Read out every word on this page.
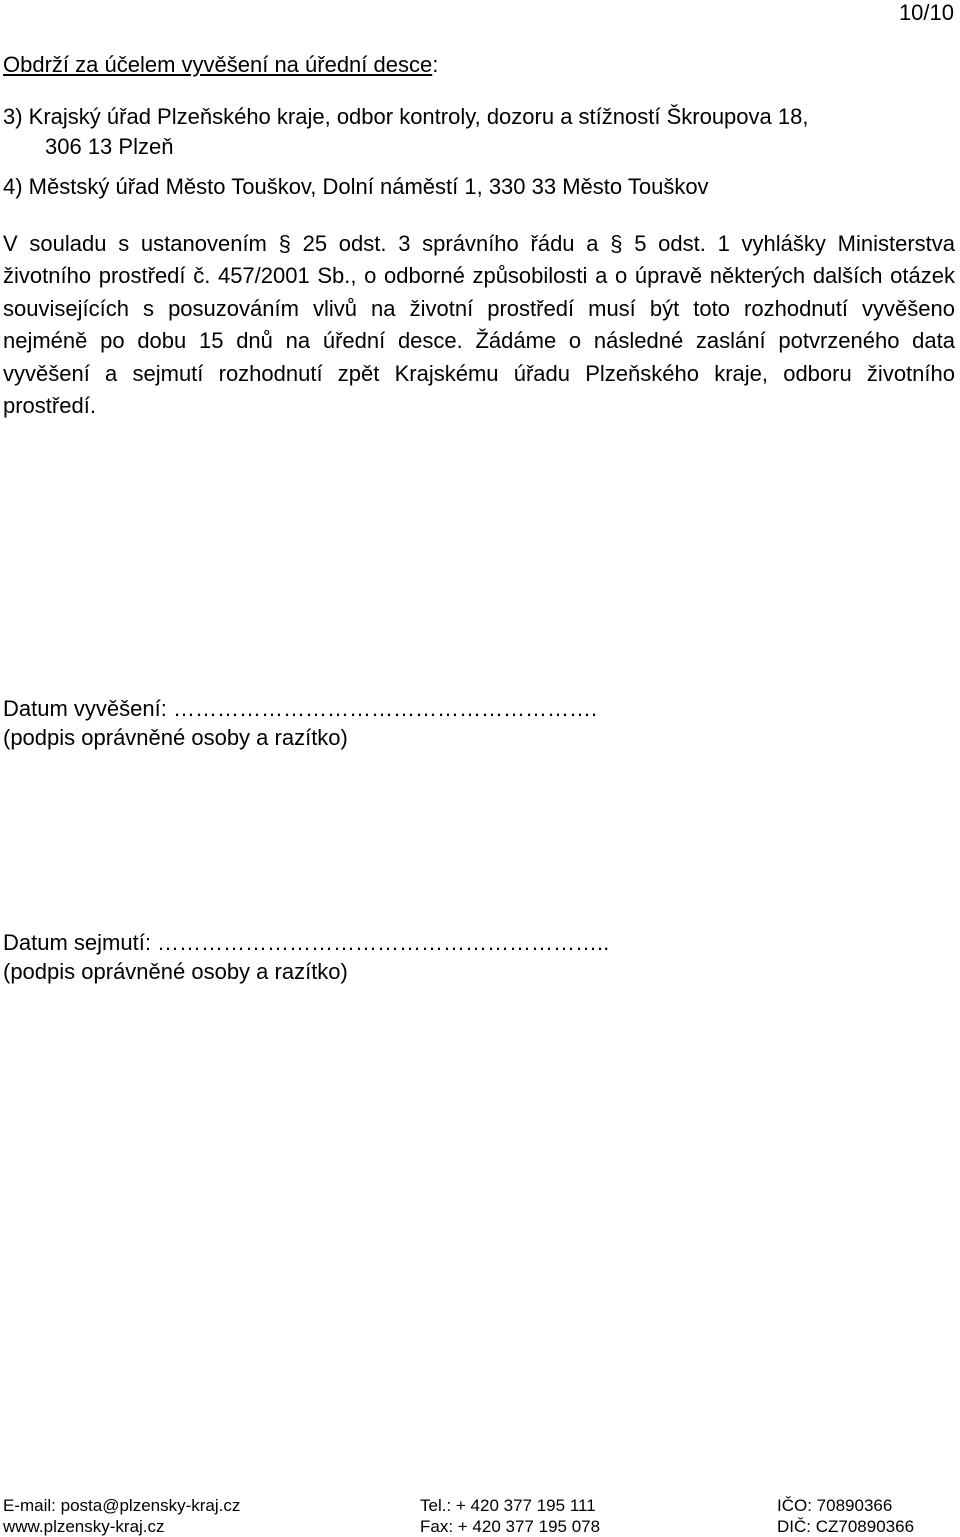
10/10
Obdrží za účelem vyvěšení na úřední desce:
3) Krajský úřad Plzeňského kraje, odbor kontroly, dozoru a stížností Škroupova 18,
306 13 Plzeň
4) Městský úřad Město Touškov, Dolní náměstí 1, 330 33 Město Touškov
V souladu s ustanovením § 25 odst. 3 správního řádu a § 5 odst. 1 vyhlášky Ministerstva životního prostředí č. 457/2001 Sb., o odborné způsobilosti a o úpravě některých dalších otázek souvisejících s posuzováním vlivů na životní prostředí musí být toto rozhodnutí vyvěšeno nejméně po dobu 15 dnů na úřední desce. Žádáme o následné zaslání potvrzeného data vyvěšení a sejmutí rozhodnutí zpět Krajskému úřadu Plzeňského kraje, odboru životního prostředí.
Datum vyvěšení: ………………………………………………….
(podpis oprávněné osoby a razítko)
Datum sejmutí: ……………………………………………………..
(podpis oprávněné osoby a razítko)
E-mail: posta@plzensky-kraj.cz
www.plzensky-kraj.cz
Tel.: + 420 377 195 111
Fax: + 420 377 195 078
IČO: 70890366
DIČ: CZ70890366
